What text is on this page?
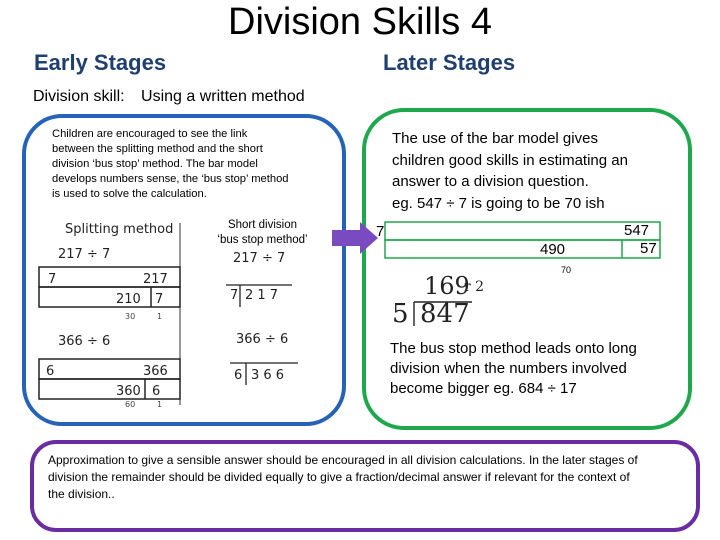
Division Skills 4
Early Stages	Later Stages
Division skill: Using a written method
Children are encouraged to see the link
between the splitting method and the short
division ‘bus stop’ method. The bar model
develops numbers sense, the ‘bus stop’ method
is used to solve the calculation.
Splitting method
217 ÷ 7
7	217
210 7
30	1
366 ÷ 6
6	366
360 6
60	1
217 ÷ 7
7 2 1 7
366 ÷ 6
6 3 6 6
Short division
‘bus stop method’
The use of the bar model gives
children good skills in estimating an
answer to a division question.
eg. 547 ÷ 7 is going to be 70 ish
7	547
490	57
70
169
r 2
5 847
The bus stop method leads onto long
division when the numbers involved
become bigger eg. 684 ÷ 17
Approximation to give a sensible answer should be encouraged in all division calculations. In the later stages of
division the remainder should be divided equally to give a fraction/decimal answer if relevant for the context of
the division..
